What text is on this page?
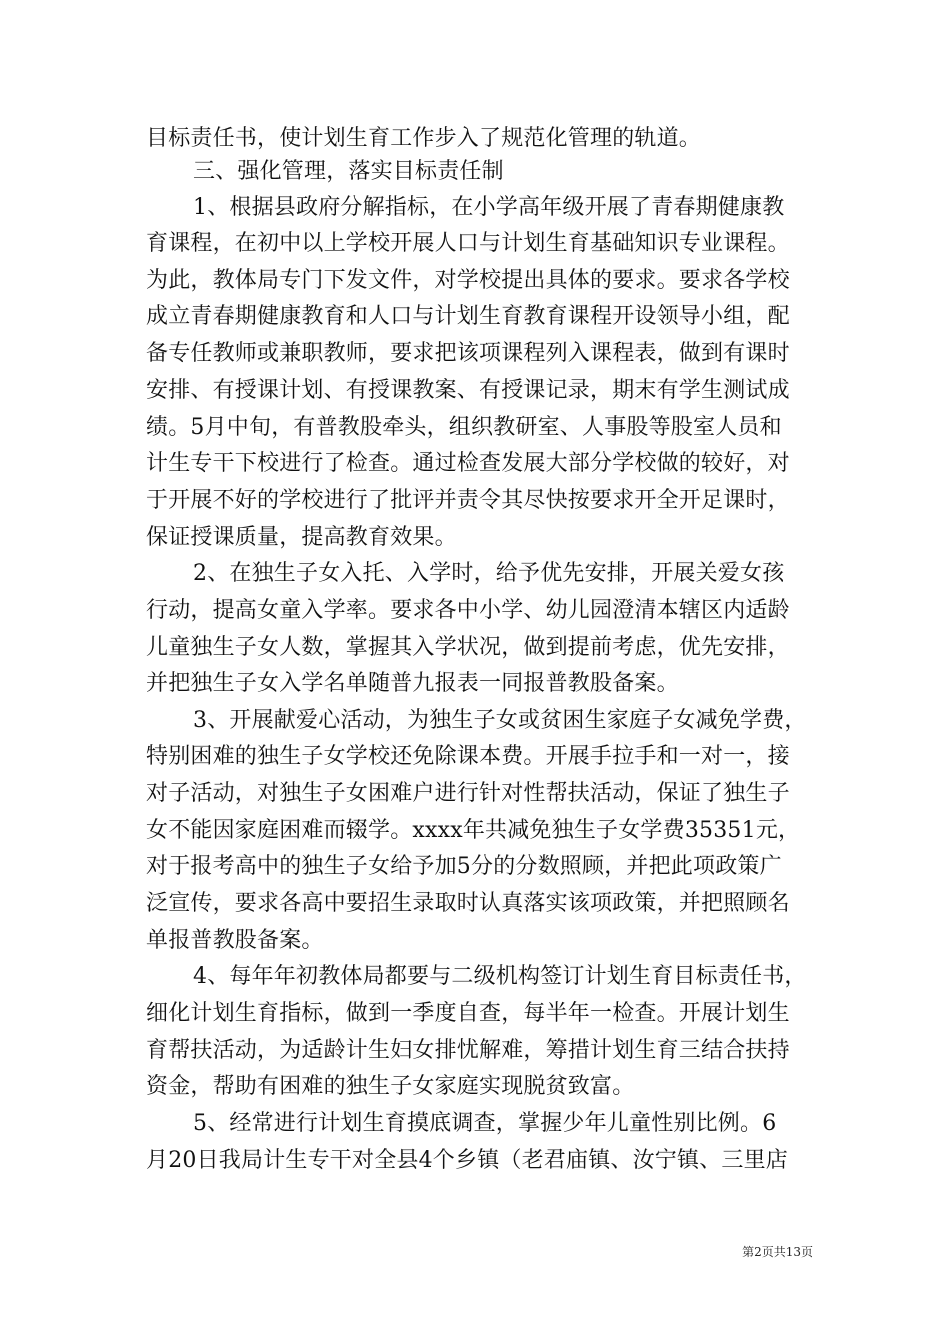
目标责任书，使计划生育工作步入了规范化管理的轨道。
三、强化管理，落实目标责任制
1、根据县政府分解指标，在小学高年级开展了青春期健康教
育课程，在初中以上学校开展人口与计划生育基础知识专业课程。
为此，教体局专门下发文件，对学校提出具体的要求。要求各学校
成立青春期健康教育和人口与计划生育教育课程开设领导小组，配
备专任教师或兼职教师，要求把该项课程列入课程表，做到有课时
安排、有授课计划、有授课教案、有授课记录，期末有学生测试成
绩。5月中旬，有普教股牵头，组织教研室、人事股等股室人员和
计生专干下校进行了检查。通过检查发展大部分学校做的较好，对
于开展不好的学校进行了批评并责令其尽快按要求开全开足课时，
保证授课质量，提高教育效果。
2、在独生子女入托、入学时，给予优先安排，开展关爱女孩
行动，提高女童入学率。要求各中小学、幼儿园澄清本辖区内适龄
儿童独生子女人数，掌握其入学状况，做到提前考虑，优先安排，
并把独生子女入学名单随普九报表一同报普教股备案。
3、开展献爱心活动，为独生子女或贫困生家庭子女减免学费，
特别困难的独生子女学校还免除课本费。开展手拉手和一对一，接
对子活动，对独生子女困难户进行针对性帮扶活动，保证了独生子
女不能因家庭困难而辍学。xxxx年共减免独生子女学费35351元，
对于报考高中的独生子女给予加5分的分数照顾，并把此项政策广
泛宣传，要求各高中要招生录取时认真落实该项政策，并把照顾名
单报普教股备案。
4、每年年初教体局都要与二级机构签订计划生育目标责任书，
细化计划生育指标，做到一季度自查，每半年一检查。开展计划生
育帮扶活动，为适龄计生妇女排忧解难，筹措计划生育三结合扶持
资金，帮助有困难的独生子女家庭实现脱贫致富。
5、经常进行计划生育摸底调查，掌握少年儿童性别比例。6
月20日我局计生专干对全县4个乡镇（老君庙镇、汝宁镇、三里店
第2页共13页
